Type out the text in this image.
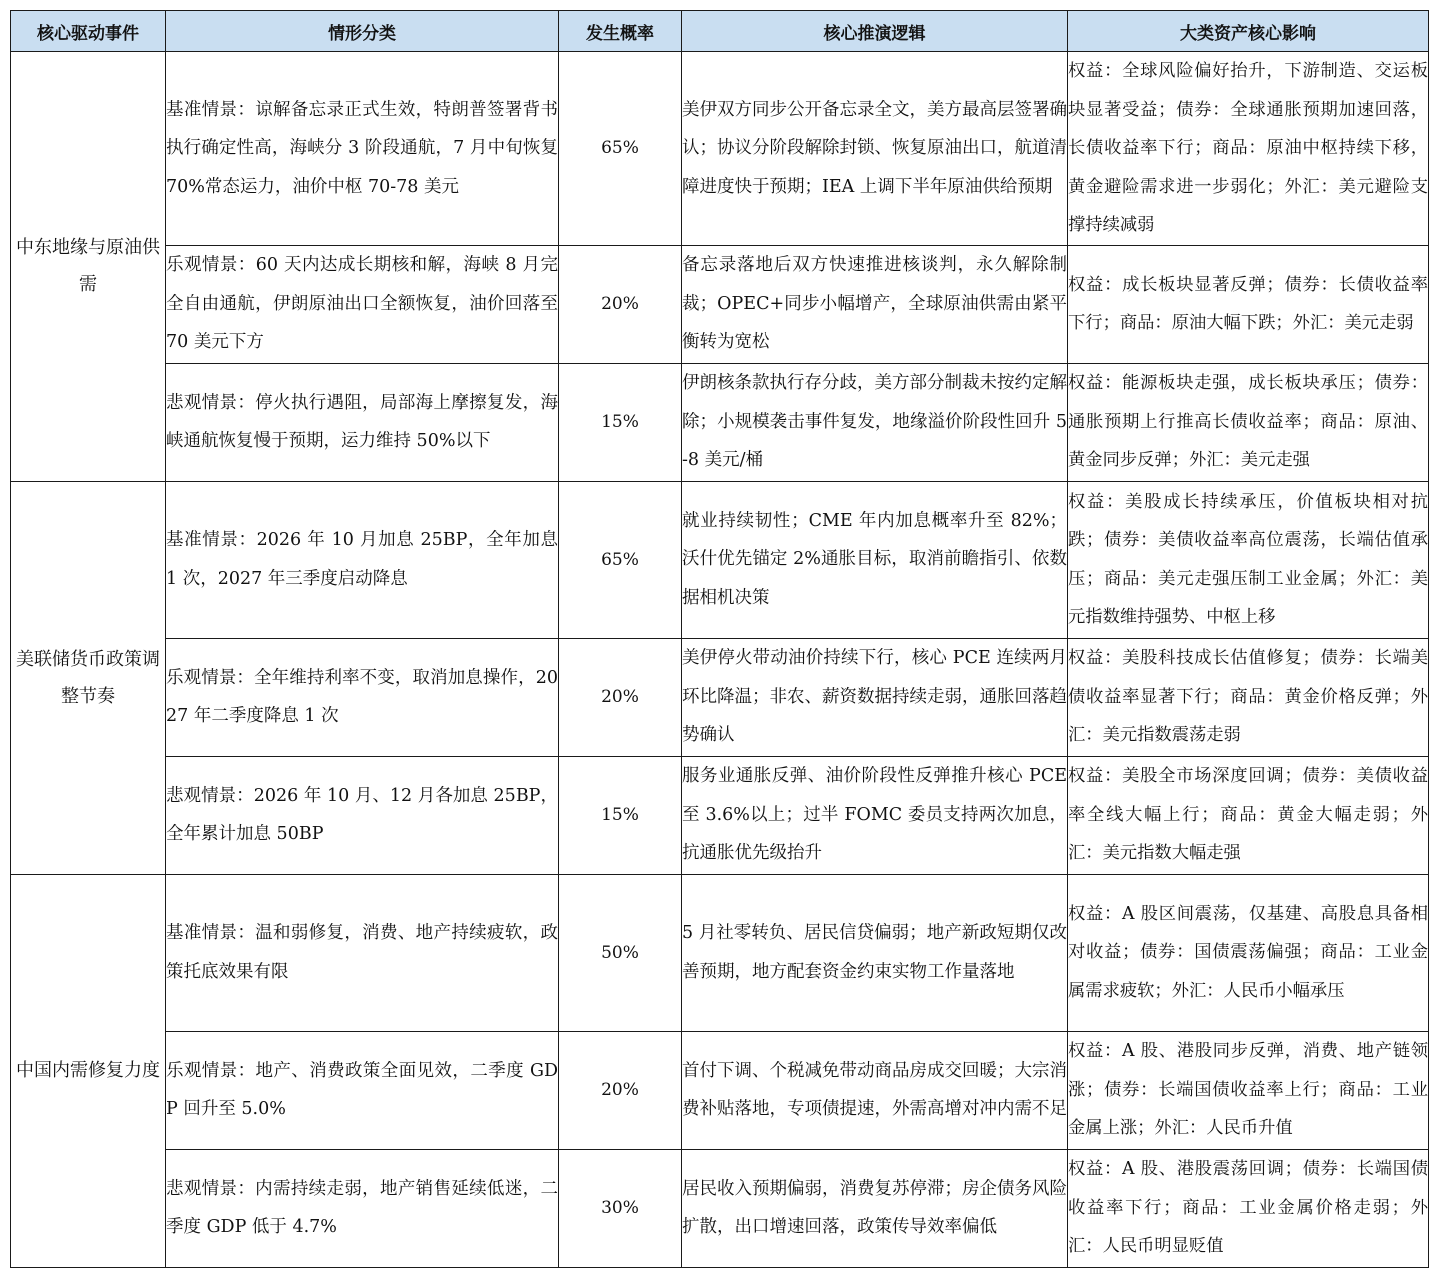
核心驱动事件	情形分类	发生概率	核心推演逻辑	大类资产核心影响
中东地缘与原油供需	基准情景：谅解备忘录正式生效，特朗普签署背书执行确定性高，海峡分 3 阶段通航，7 月中旬恢复 70%常态运力，油价中枢 70-78 美元	65%	美伊双方同步公开备忘录全文，美方最高层签署确认；协议分阶段解除封锁、恢复原油出口，航道清障进度快于预期；IEA 上调下半年原油供给预期	权益：全球风险偏好抬升，下游制造、交运板块显著受益；债券：全球通胀预期加速回落，长债收益率下行；商品：原油中枢持续下移，黄金避险需求进一步弱化；外汇：美元避险支撑持续减弱
	乐观情景：60 天内达成长期核和解，海峡 8 月完全自由通航，伊朗原油出口全额恢复，油价回落至 70 美元下方	20%	备忘录落地后双方快速推进核谈判，永久解除制裁；OPEC+同步小幅增产，全球原油供需由紧平衡转为宽松	权益：成长板块显著反弹；债券：长债收益率下行；商品：原油大幅下跌；外汇：美元走弱
	悲观情景：停火执行遇阻，局部海上摩擦复发，海峡通航恢复慢于预期，运力维持 50%以下	15%	伊朗核条款执行存分歧，美方部分制裁未按约定解除；小规模袭击事件复发，地缘溢价阶段性回升 5-8 美元/桶	权益：能源板块走强，成长板块承压；债券：通胀预期上行推高长债收益率；商品：原油、黄金同步反弹；外汇：美元走强
美联储货币政策调整节奏	基准情景：2026 年 10 月加息 25BP，全年加息 1 次，2027 年三季度启动降息	65%	就业持续韧性；CME 年内加息概率升至 82%；沃什优先锚定 2%通胀目标，取消前瞻指引、依数据相机决策	权益：美股成长持续承压，价值板块相对抗跌；债券：美债收益率高位震荡，长端估值承压；商品：美元走强压制工业金属；外汇：美元指数维持强势、中枢上移
	乐观情景：全年维持利率不变，取消加息操作，2027 年二季度降息 1 次	20%	美伊停火带动油价持续下行，核心 PCE 连续两月环比降温；非农、薪资数据持续走弱，通胀回落趋势确认	权益：美股科技成长估值修复；债券：长端美债收益率显著下行；商品：黄金价格反弹；外汇：美元指数震荡走弱
	悲观情景：2026 年 10 月、12 月各加息 25BP，全年累计加息 50BP	15%	服务业通胀反弹、油价阶段性反弹推升核心 PCE 至 3.6%以上；过半 FOMC 委员支持两次加息，抗通胀优先级抬升	权益：美股全市场深度回调；债券：美债收益率全线大幅上行；商品：黄金大幅走弱；外汇：美元指数大幅走强
中国内需修复力度	基准情景：温和弱修复，消费、地产持续疲软，政策托底效果有限	50%	5 月社零转负、居民信贷偏弱；地产新政短期仅改善预期，地方配套资金约束实物工作量落地	权益：A 股区间震荡，仅基建、高股息具备相对收益；债券：国债震荡偏强；商品：工业金属需求疲软；外汇：人民币小幅承压
	乐观情景：地产、消费政策全面见效，二季度 GDP 回升至 5.0%	20%	首付下调、个税减免带动商品房成交回暖；大宗消费补贴落地，专项债提速，外需高增对冲内需不足	权益：A 股、港股同步反弹，消费、地产链领涨；债券：长端国债收益率上行；商品：工业金属上涨；外汇：人民币升值
	悲观情景：内需持续走弱，地产销售延续低迷，二季度 GDP 低于 4.7%	30%	居民收入预期偏弱，消费复苏停滞；房企债务风险扩散，出口增速回落，政策传导效率偏低	权益：A 股、港股震荡回调；债券：长端国债收益率下行；商品：工业金属价格走弱；外汇：人民币明显贬值
